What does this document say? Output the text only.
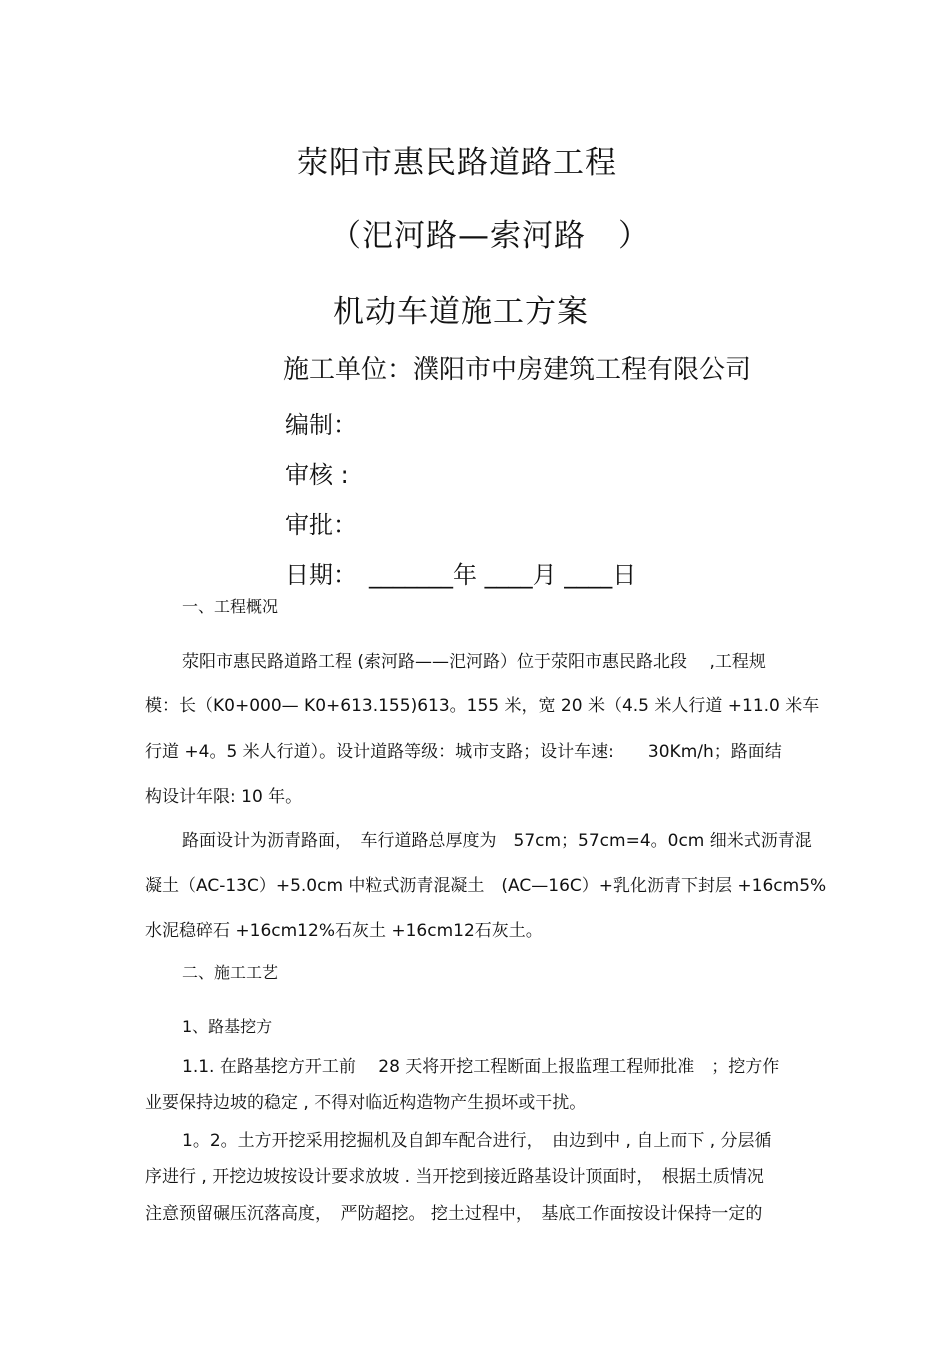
荥阳市惠民路道路工程
（汜河路—索河路　）
机动车道施工方案
施工单位：濮阳市中房建筑工程有限公司
编制：
审核 :
审批：
日期：　_______年 ____月 ____日
一、工程概况
荥阳市惠民路道路工程 (索河路——汜河路）位于荥阳市惠民路北段　 ,工程规
模：长（K0+000— K0+613.155)613。155 米，宽 20 米（4.5 米人行道 +11.0 米车
行道 +4。5 米人行道）。设计道路等级：城市支路；设计车速:　　30Km/h；路面结
构设计年限: 10 年。
路面设计为沥青路面，　车行道路总厚度为　57cm；57cm=4。0cm 细米式沥青混
凝土（AC-13C）+5.0cm 中粒式沥青混凝土　(AC—16C）+乳化沥青下封层 +16cm5%
水泥稳碎石 +16cm12%石灰土 +16cm12石灰土。
二、施工工艺
1、路基挖方
1.1. 在路基挖方开工前　 28 天将开挖工程断面上报监理工程师批准　；挖方作
业要保持边坡的稳定 , 不得对临近构造物产生损坏或干扰。
1。2。土方开挖采用挖掘机及自卸车配合进行，　由边到中 , 自上而下 , 分层循
序进行 , 开挖边坡按设计要求放坡 . 当开挖到接近路基设计顶面时，　根据土质情况
注意预留碾压沉落高度，　严防超挖。 挖土过程中，　基底工作面按设计保持一定的
